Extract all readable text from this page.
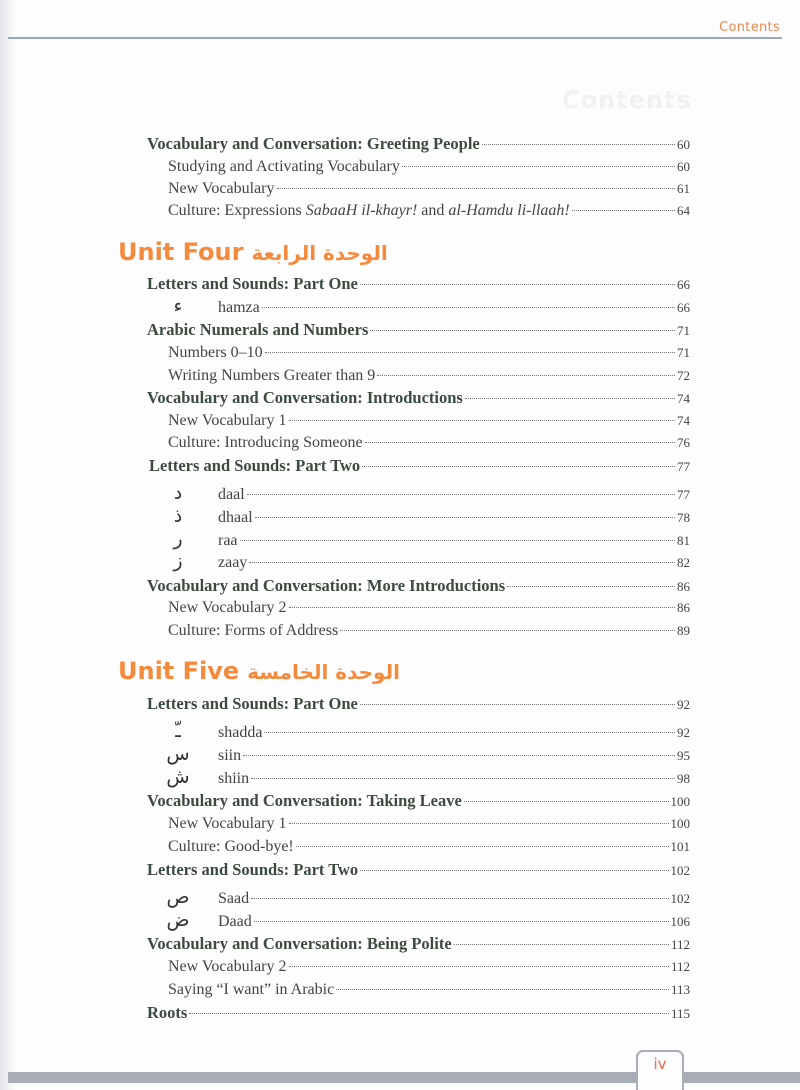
Contents
Contents
Vocabulary and Conversation: Greeting People	60
Studying and Activating Vocabulary	60
New Vocabulary	61
Culture: Expressions SabaaH il-khayr! and al-Hamdu li-llaah!	64
Unit Four الوحدة الرابعة
Letters and Sounds: Part One	66
ء	hamza	66
Arabic Numerals and Numbers	71
Numbers 0–10	71
Writing Numbers Greater than 9	72
Vocabulary and Conversation: Introductions	74
New Vocabulary 1	74
Culture: Introducing Someone	76
Letters and Sounds: Part Two	77
د	daal	77
ذ	dhaal	78
ر	raa	81
ز	zaay	82
Vocabulary and Conversation: More Introductions	86
New Vocabulary 2	86
Culture: Forms of Address	89
Unit Five الوحدة الخامسة
Letters and Sounds: Part One	92
ـّ	shadda	92
س siin	95
ش shiin	98
Vocabulary and Conversation: Taking Leave	100
New Vocabulary 1	100
Culture: Good-bye!	101
Letters and Sounds: Part Two	102
ص Saad	102
ض Daad	106
Vocabulary and Conversation: Being Polite	112
New Vocabulary 2	112
Saying “I want” in Arabic	113
Roots	115
iv
